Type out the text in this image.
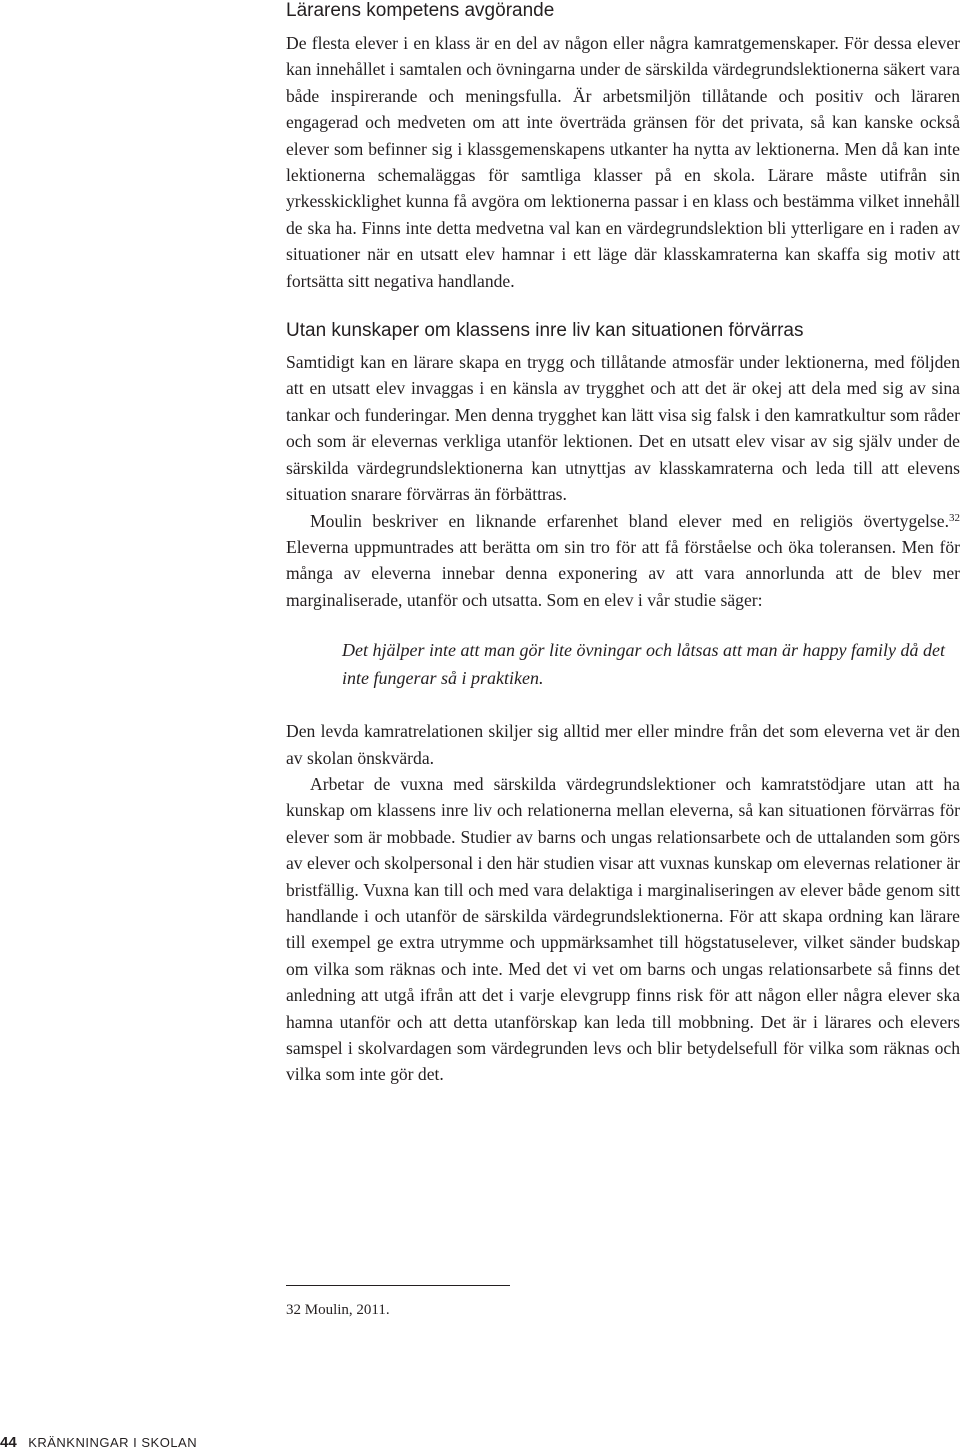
Lärarens kompetens avgörande

De flesta elever i en klass är en del av någon eller några kamratgemenskaper. För dessa elever kan innehållet i samtalen och övningarna under de särskilda värdegrundslektionerna säkert vara både inspirerande och meningsfulla. Är arbetsmiljön tillåtande och positiv och läraren engagerad och medveten om att inte överträda gränsen för det privata, så kan kanske också elever som befinner sig i klassgemenskapens utkanter ha nytta av lektionerna. Men då kan inte lektionerna schemaläggas för samtliga klasser på en skola. Lärare måste utifrån sin yrkesskicklighet kunna få avgöra om lektionerna passar i en klass och bestämma vilket innehåll de ska ha. Finns inte detta medvetna val kan en värdegrundslektion bli ytterligare en i raden av situationer när en utsatt elev hamnar i ett läge där klasskamraterna kan skaffa sig motiv att fortsätta sitt negativa handlande.

Utan kunskaper om klassens inre liv kan situationen förvärras

Samtidigt kan en lärare skapa en trygg och tillåtande atmosfär under lektionerna, med följden att en utsatt elev invaggas i en känsla av trygghet och att det är okej att dela med sig av sina tankar och funderingar. Men denna trygghet kan lätt visa sig falsk i den kamratkultur som råder och som är elevernas verkliga utanför lektionen. Det en utsatt elev visar av sig själv under de särskilda värdegrundslektionerna kan utnyttjas av klasskamraterna och leda till att elevens situation snarare förvärras än förbättras.

Moulin beskriver en liknande erfarenhet bland elever med en religiös övertygelse.$^{32}$ Eleverna uppmuntrades att berätta om sin tro för att få förståelse och öka toleransen. Men för många av eleverna innebar denna exponering av att vara annorlunda att de blev mer marginaliserade, utanför och utsatta. Som en elev i vår studie säger:

Det hjälper inte att man gör lite övningar och låtsas att man är happy family då det inte fungerar så i praktiken.

Den levda kamratrelationen skiljer sig alltid mer eller mindre från det som eleverna vet är den av skolan önskvärda.

Arbetar de vuxna med särskilda värdegrundslektioner och kamratstödjare utan att ha kunskap om klassens inre liv och relationerna mellan eleverna, så kan situationen förvärras för elever som är mobbade. Studier av barns och ungas relationsarbete och de uttalanden som görs av elever och skolpersonal i den här studien visar att vuxnas kunskap om elevernas relationer är bristfällig. Vuxna kan till och med vara delaktiga i marginaliseringen av elever både genom sitt handlande i och utanför de särskilda värdegrundslektionerna. För att skapa ordning kan lärare till exempel ge extra utrymme och uppmärksamhet till högstatuselever, vilket sänder budskap om vilka som räknas och inte. Med det vi vet om barns och ungas relationsarbete så finns det anledning att utgå ifrån att det i varje elevgrupp finns risk för att någon eller några elever ska hamna utanför och att detta utanförskap kan leda till mobbning. Det är i lärares och elevers samspel i skolvardagen som värdegrunden levs och blir betydelsefull för vilka som räknas och vilka som inte gör det.

32 Moulin, 2011.
44 KRÄNKNINGAR I SKOLAN
